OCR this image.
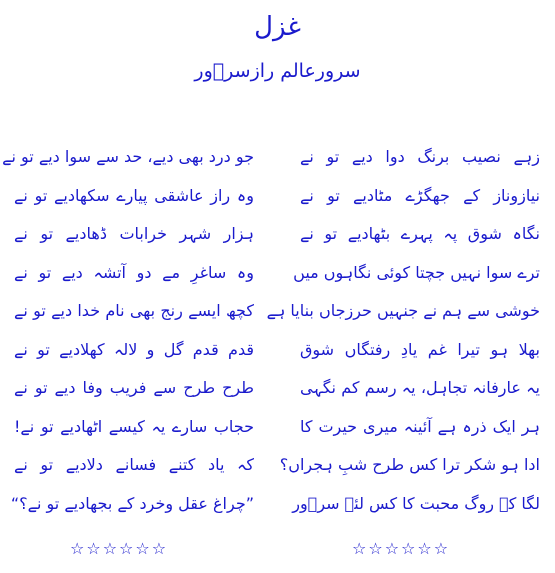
غزل
سرورعالم رازسرؔور
زہے نصیب برنگ دوا دیے تو نے
نیازوناز کے جھگڑے مٹادیے تو نے
نگاہ شوق پہ پہرے بٹھادیے تو نے
ترے سوا نہیں جچتا کوئی نگاہوں میں
خوشی سے ہم نے جنہیں حرزجاں بنایا ہے
بھلا ہو تیرا غم یادِ رفتگاں شوق
یہ عارفانہ تجاہل، یہ رسم کم نگہی
ہر ایک ذرہ ہے آئینہ میری حیرت کا
ادا ہو شکر ترا کس طرح شبِ ہجراں؟
لگا کے روگ محبت کا کس لئے سرؔور
جو درد بھی دیے، حد سے سوا دیے تو نے
وہ راز عاشقی پیارے سکھادیے تو نے
ہزار شہر خرابات ڈھادیے تو نے
وہ ساغرِ مے دو آتشہ دیے تو نے
کچھ ایسے رنج بھی نام خدا دیے تو نے
قدم قدم گل و لالہ کھلادیے تو نے
طرح طرح سے فریب وفا دیے تو نے
حجاب سارے یہ کیسے اٹھادیے تو نے!
کہ یاد کتنے فسانے دلادیے تو نے
”چراغ عقل وخرد کے بجھادیے تو نے؟“
☆☆☆☆☆☆
☆☆☆☆☆☆
